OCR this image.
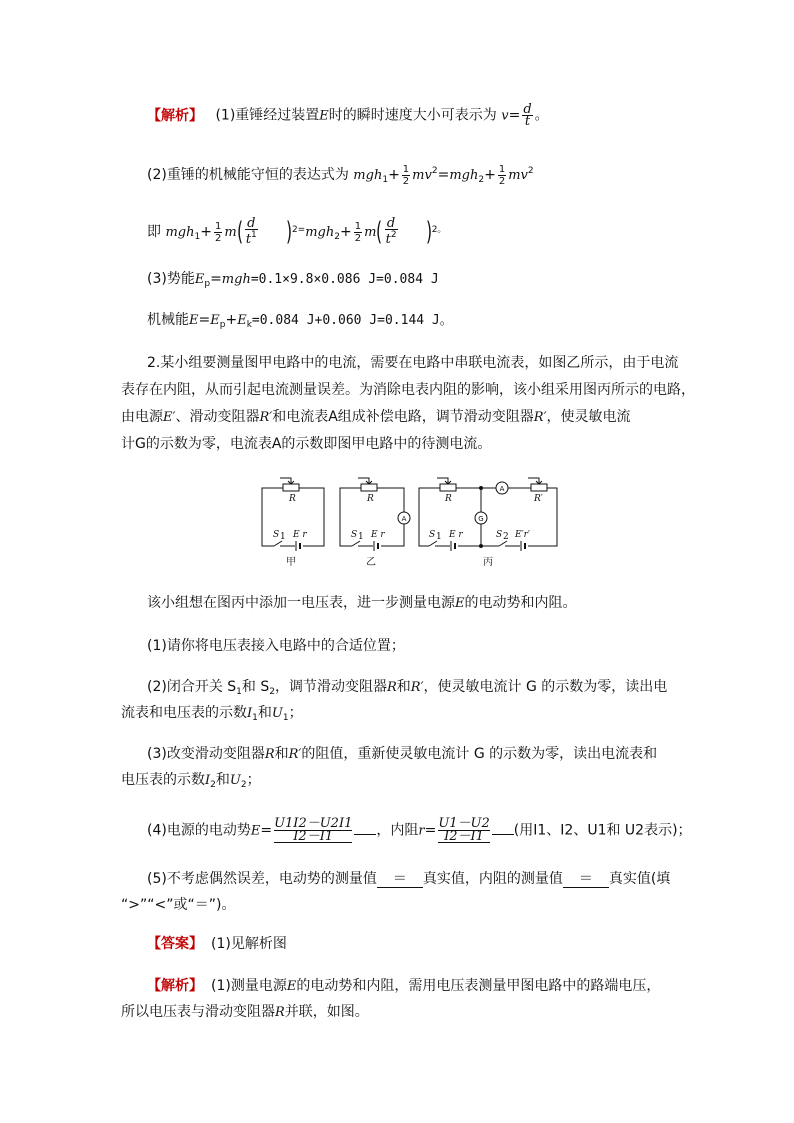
【解析】 (1)重锤经过装置E时的瞬时速度大小可表示为 $v= \frac{d}{t}$ 。
(2)重锤的机械能守恒的表达式为 $mgh_1+ \frac{1}{2} mv^2=mgh_2+ \frac{1}{2} mv^2$
即 $mgh_1+ \frac{1}{2} m( \frac{d}{t1} )^{2=}mgh_2+ \frac{1}{2} m( \frac{d}{t2} )^{2。}$
(3)势能$E_p=mgh=0.1\times 9.8\times 0.086$ J=0.084 J
机械能$E=E_p+E_k=0.084$ J+0.060 J=0.144 J。
2.某小组要测量图甲电路中的电流，需要在电路中串联电流表，如图乙所示，由于电流
表存在内阻，从而引起电流测量误差。为消除电表内阻的影响，该小组采用图丙所示的电路，
由电源E′、滑动变阻器R′和电流表A组成补偿电路，调节滑动变阻器R′，使灵敏电流
计G的示数为零，电流表A的示数即图甲电路中的待测电流。
R
S 1 E r
甲
R
S 1 E r
A
乙
R	R′
A
G
S 1 E r	S 2 E′r′
丙
该小组想在图丙中添加一电压表，进一步测量电源E的电动势和内阻。
(1)请你将电压表接入电路中的合适位置；
(2)闭合开关 $S_1$和 $S_2$，调节滑动变阻器R和R′，使灵敏电流计 G 的示数为零，读出电
流表和电压表的示数$I_1$和$U_1$；
(3)改变滑动变阻器R和R′的阻值，重新使灵敏电流计 G 的示数为零，读出电流表和
电压表的示数$I_2$和$U_2$；
(4)电源的电动势$E= \frac{U1I2-U2I1}{I2-I1}$ ，内阻$r= \frac{U1-U2}{I2-I1}$ (用I1、I2、U1和 U2表示)；
(5)不考虑偶然误差，电动势的测量值 ＝ 真实值，内阻的测量值 ＝ 真实值(填
“>”“<”或“＝”)。
【答案】 (1)见解析图
【解析】 (1)测量电源E的电动势和内阻，需用电压表测量甲图电路中的路端电压，
所以电压表与滑动变阻器R并联，如图。
